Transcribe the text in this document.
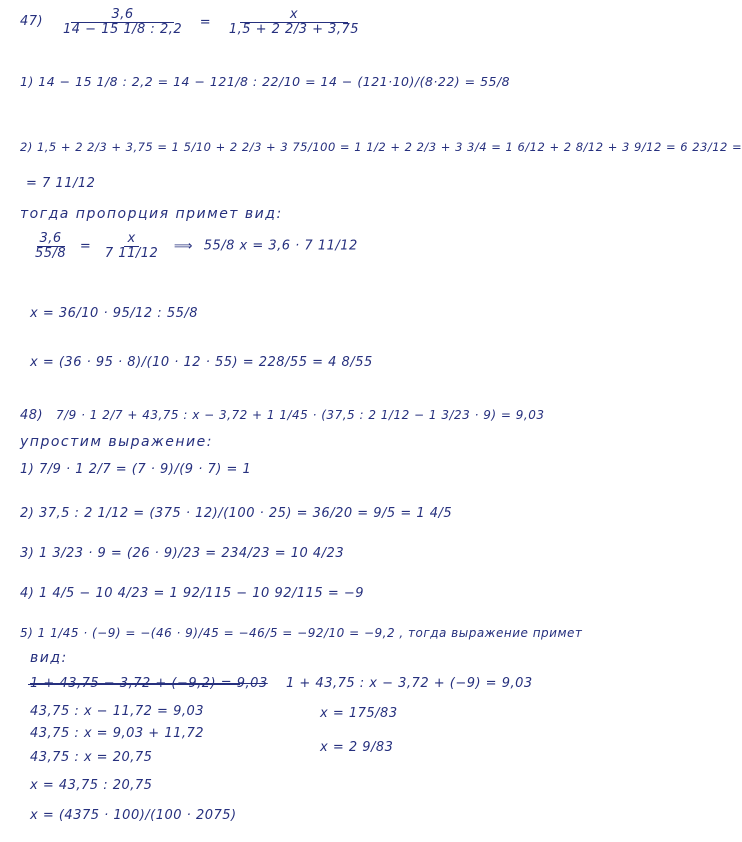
$47) \frac{3,6}{14 - 15 1/8 : 2,2} = \frac{x}{1,5 + 2 2/3 + 3,75}$
1) 14 − 15 1/8 : 2,2 = 14 − 121/8 : 22/10 = 14 − (121·10)/(8·22) = 55/8
2) 1,5 + 2 2/3 + 3,75 = 1 5/10 + 2 2/3 + 3 75/100 = 1 1/2 + 2 2/3 + 3 3/4 = 1 6/12 + 2 8/12 + 3 9/12 = 6 23/12 =
= 7 11/12
тогда пропорция примет вид:
$\frac{3,6}{55/8} = \frac{x}{7 11/12}$ ⟹ 55/8 x = 3,6 · 7 11/12
x = 36/10 · 95/12 : 55/8
x = (36 · 95 · 8)/(10 · 12 · 55) = 228/55 = 4 8/55
48) 7/9 · 1 2/7 + 43,75 : x − 3,72 + 1 1/45 · (37,5 : 2 1/12 − 1 3/23 · 9) = 9,03
упростим выражение:
1) 7/9 · 1 2/7 = (7 · 9)/(9 · 7) = 1
2) 37,5 : 2 1/12 = (375 · 12)/(100 · 25) = 36/20 = 9/5 = 1 4/5
3) 1 3/23 · 9 = (26 · 9)/23 = 234/23 = 10 4/23
4) 1 4/5 − 10 4/23 = 1 92/115 − 10 92/115 = −9
5) 1 1/45 · (−9) = −(46 · 9)/45 = −46/5 = −92/10 = −9,2 , тогда выражение примет
вид:
1 + 43,75 − 3,72 + (−9,2) = 9,03 1 + 43,75 : x − 3,72 + (−9) = 9,03
43,75 : x − 11,72 = 9,03
43,75 : x = 9,03 + 11,72
43,75 : x = 20,75
x = 43,75 : 20,75
x = (4375 · 100)/(100 · 2075)
x = 175/83
x = 2 9/83
